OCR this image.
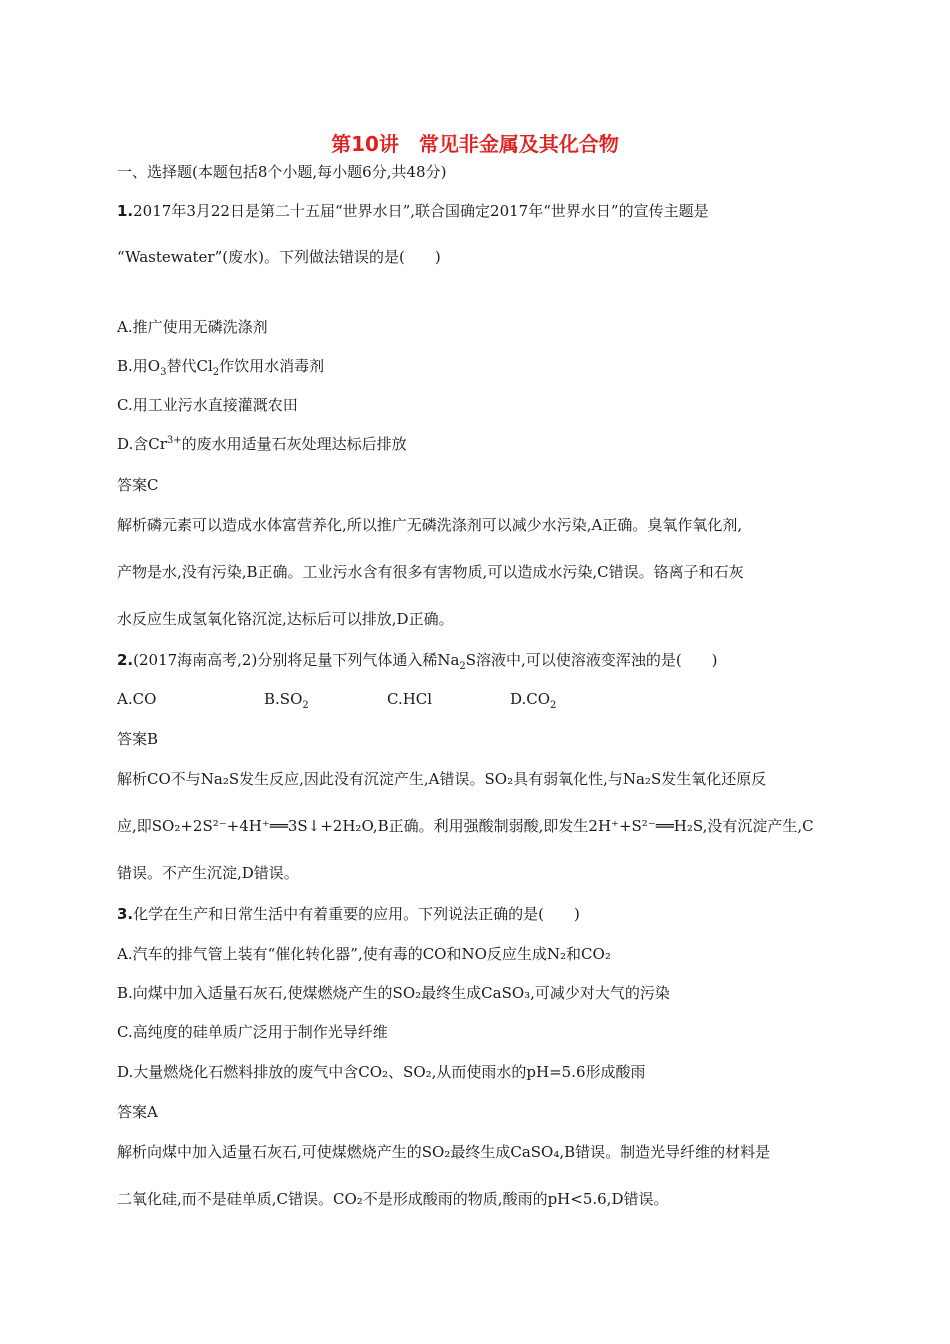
第10讲　常见非金属及其化合物
一、选择题(本题包括8个小题,每小题6分,共48分)
1.2017年3月22日是第二十五届“世界水日”,联合国确定2017年“世界水日”的宣传主题是
“Wastewater”(废水)。下列做法错误的是(　　)
A.推广使用无磷洗涤剂
B.用$O_3$替代$Cl_2$作饮用水消毒剂
C.用工业污水直接灌溉农田
D.含$Cr^{3+}$的废水用适量石灰处理达标后排放
答案C
解析磷元素可以造成水体富营养化,所以推广无磷洗涤剂可以减少水污染,A正确。臭氧作氧化剂,
产物是水,没有污染,B正确。工业污水含有很多有害物质,可以造成水污染,C错误。铬离子和石灰
水反应生成氢氧化铬沉淀,达标后可以排放,D正确。
2.(2017海南高考,2)分别将足量下列气体通入稀$Na_2S$溶液中,可以使溶液变浑浊的是(　　)
A.CO	$B.SO_2$	C.HCl	$D.CO_2$
答案B
解析CO不与Na₂S发生反应,因此没有沉淀产生,A错误。SO₂具有弱氧化性,与Na₂S发生氧化还原反
应,即SO₂+2S²⁻+4H⁺══3S↓+2H₂O,B正确。利用强酸制弱酸,即发生2H⁺+S²⁻══H₂S,没有沉淀产生,C
错误。不产生沉淀,D错误。
3.化学在生产和日常生活中有着重要的应用。下列说法正确的是(　　)
A.汽车的排气管上装有“催化转化器”,使有毒的CO和NO反应生成N₂和CO₂
B.向煤中加入适量石灰石,使煤燃烧产生的SO₂最终生成CaSO₃,可减少对大气的污染
C.高纯度的硅单质广泛用于制作光导纤维
D.大量燃烧化石燃料排放的废气中含CO₂、SO₂,从而使雨水的pH=5.6形成酸雨
答案A
解析向煤中加入适量石灰石,可使煤燃烧产生的SO₂最终生成CaSO₄,B错误。制造光导纤维的材料是
二氧化硅,而不是硅单质,C错误。CO₂不是形成酸雨的物质,酸雨的pH<5.6,D错误。
